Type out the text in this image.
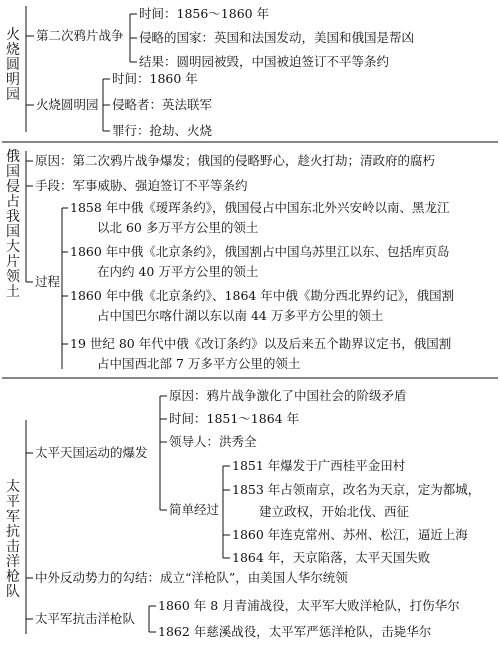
火烧圆明园
第二次鸦片战争
时间：1856～1860 年
侵略的国家：英国和法国发动，美国和俄国是帮凶
结果：圆明园被毁，中国被迫签订不平等条约
火烧圆明园
时间：1860 年
侵略者：英法联军
罪行：抢劫、火烧
俄国侵占我国大片领土
原因：第二次鸦片战争爆发；俄国的侵略野心，趁火打劫；清政府的腐朽
手段：军事威胁、强迫签订不平等条约
过程
1858 年中俄《瑷珲条约》，俄国侵占中国东北外兴安岭以南、黑龙江
以北 60 多万平方公里的领土
1860 年中俄《北京条约》，俄国割占中国乌苏里江以东、包括库页岛
在内约 40 万平方公里的领土
1860 年中俄《北京条约》、1864 年中俄《勘分西北界约记》，俄国割
占中国巴尔喀什湖以东以南 44 万多平方公里的领土
19 世纪 80 年代中俄《改订条约》以及后来五个勘界议定书，俄国割
占中国西北部 7 万多平方公里的领土
太平军抗击洋枪队
太平天国运动的爆发
原因：鸦片战争激化了中国社会的阶级矛盾
时间：1851～1864 年
领导人：洪秀全
简单经过
1851 年爆发于广西桂平金田村
1853 年占领南京，改名为天京，定为都城，
建立政权，开始北伐、西征
1860 年连克常州、苏州、松江，逼近上海
1864 年，天京陷落，太平天国失败
中外反动势力的勾结：成立“洋枪队”，由美国人华尔统领
太平军抗击洋枪队
1860 年 8 月青浦战役，太平军大败洋枪队，打伤华尔
1862 年慈溪战役，太平军严惩洋枪队，击毙华尔
